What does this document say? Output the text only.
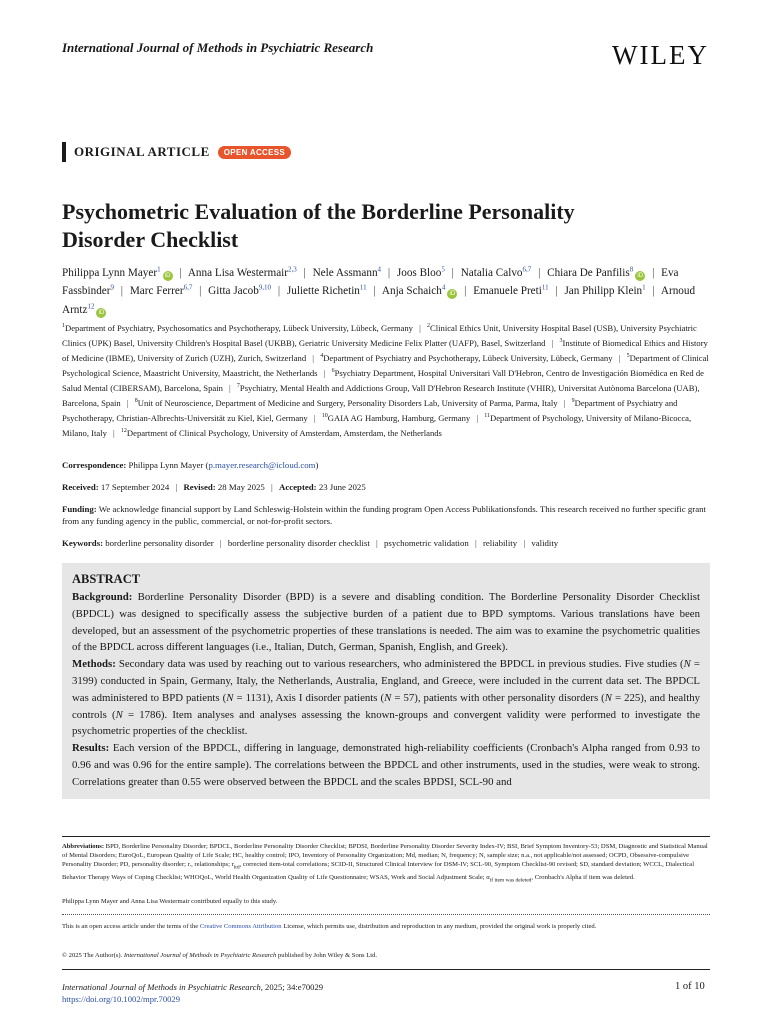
International Journal of Methods in Psychiatric Research	WILEY
ORIGINAL ARTICLE	OPEN ACCESS
Psychometric Evaluation of the Borderline Personality
Disorder Checklist
Philippa Lynn Mayer$^1$iD | Anna Lisa Westermair$^{2,3}$ | Nele Assmann$^4$ | Joos Bloo$^5$ | Natalia Calvo$^{6,7}$ | Chiara De Panfilis$^8$iD | Eva Fassbinder$^9$ | Marc Ferrer$^{6,7}$ | Gitta Jacob$^{9,10}$ | Juliette Richetin$^{11}$ | Anja Schaich$^4$iD | Emanuele Preti$^{11}$ | Jan Philipp Klein$^1$ | Arnoud Arntz$^{12}$iD
$^1$Department of Psychiatry, Psychosomatics and Psychotherapy, Lübeck University, Lübeck, Germany | $^2$Clinical Ethics Unit, University Hospital Basel (USB), University Psychiatric Clinics (UPK) Basel, University Children's Hospital Basel (UKBB), Geriatric University Medicine Felix Platter (UAFP), Basel, Switzerland | $^3$Institute of Biomedical Ethics and History of Medicine (IBME), University of Zurich (UZH), Zurich, Switzerland | $^4$Department of Psychiatry and Psychotherapy, Lübeck University, Lübeck, Germany | $^5$Department of Clinical Psychological Science, Maastricht University, Maastricht, the Netherlands | $^6$Psychiatry Department, Hospital Universitari Vall D'Hebron, Centro de Investigación Biomédica en Red de Salud Mental (CIBERSAM), Barcelona, Spain | $^7$Psychiatry, Mental Health and Addictions Group, Vall D'Hebron Research Institute (VHIR), Universitat Autònoma Barcelona (UAB), Barcelona, Spain | $^8$Unit of Neuroscience, Department of Medicine and Surgery, Personality Disorders Lab, University of Parma, Parma, Italy | $^9$Department of Psychiatry and Psychotherapy, Christian-Albrechts-Universität zu Kiel, Kiel, Germany | $^{10}$GAIA AG Hamburg, Hamburg, Germany | $^{11}$Department of Psychology, University of Milano-Bicocca, Milano, Italy | $^{12}$Department of Clinical Psychology, University of Amsterdam, Amsterdam, the Netherlands
Correspondence: Philippa Lynn Mayer (p.mayer.research@icloud.com)
Received: 17 September 2024 | Revised: 28 May 2025 | Accepted: 23 June 2025
Funding: We acknowledge financial support by Land Schleswig-Holstein within the funding program Open Access Publikationsfonds. This research received no further specific grant from any funding agency in the public, commercial, or not-for-profit sectors.
Keywords: borderline personality disorder | borderline personality disorder checklist | psychometric validation | reliability | validity
ABSTRACT
Background: Borderline Personality Disorder (BPD) is a severe and disabling condition. The Borderline Personality Disorder Checklist (BPDCL) was designed to specifically assess the subjective burden of a patient due to BPD symptoms. Various translations have been developed, but an assessment of the psychometric properties of these translations is needed. The aim was to examine the psychometric qualities of the BPDCL across different languages (i.e., Italian, Dutch, German, Spanish, English, and Greek).
Methods: Secondary data was used by reaching out to various researchers, who administered the BPDCL in previous studies. Five studies (N = 3199) conducted in Spain, Germany, Italy, the Netherlands, Australia, England, and Greece, were included in the current data set. The BPDCL was administered to BPD patients (N = 1131), Axis I disorder patients (N = 57), patients with other personality disorders (N = 225), and healthy controls (N = 1786). Item analyses and analyses assessing the known-groups and convergent validity were performed to investigate the psychometric properties of the checklist.
Results: Each version of the BPDCL, differing in language, demonstrated high-reliability coefficients (Cronbach's Alpha ranged from 0.93 to 0.96 and was 0.96 for the entire sample). The correlations between the BPDCL and other instruments, used in the studies, were weak to strong. Correlations greater than 0.55 were observed between the BPDCL and the scales BPDSI, SCL-90 and
Abbreviations: BPD, Borderline Personality Disorder; BPDCL, Borderline Personality Disorder Checklist; BPDSI, Borderline Personality Disorder Severity Index-IV; BSI, Brief Symptom Inventory-53; DSM, Diagnostic and Statistical Manual of Mental Disorders; EuroQoL, European Quality of Life Scale; HC, healthy control; IPO, Inventory of Personality Organization; Md, median; N, frequency; N, sample size; n.a., not applicable/not assessed; OCPD, Obsessive-compulsive Personality Disorder; PD, personality disorder; r., relationships; $r_{itd}$, corrected item-total correlations; SCID-II, Structured Clinical Interview for DSM-IV; SCL-90, Symptom Checklist-90 revised; SD, standard deviation; WCCL, Dialectical Behavior Therapy Ways of Coping Checklist; WHOQoL, World Health Organization Quality of Life Questionnaire; WSAS, Work and Social Adjustment Scale; $\alpha_{if item was deleted}$, Cronbach's Alpha if item was deleted.
Philippa Lynn Mayer and Anna Lisa Westermair contributed equally to this study.
This is an open access article under the terms of the Creative Commons Attribution License, which permits use, distribution and reproduction in any medium, provided the original work is properly cited.
© 2025 The Author(s). International Journal of Methods in Psychiatric Research published by John Wiley & Sons Ltd.
International Journal of Methods in Psychiatric Research, 2025; 34:e70029
https://doi.org/10.1002/mpr.70029
1 of 10
